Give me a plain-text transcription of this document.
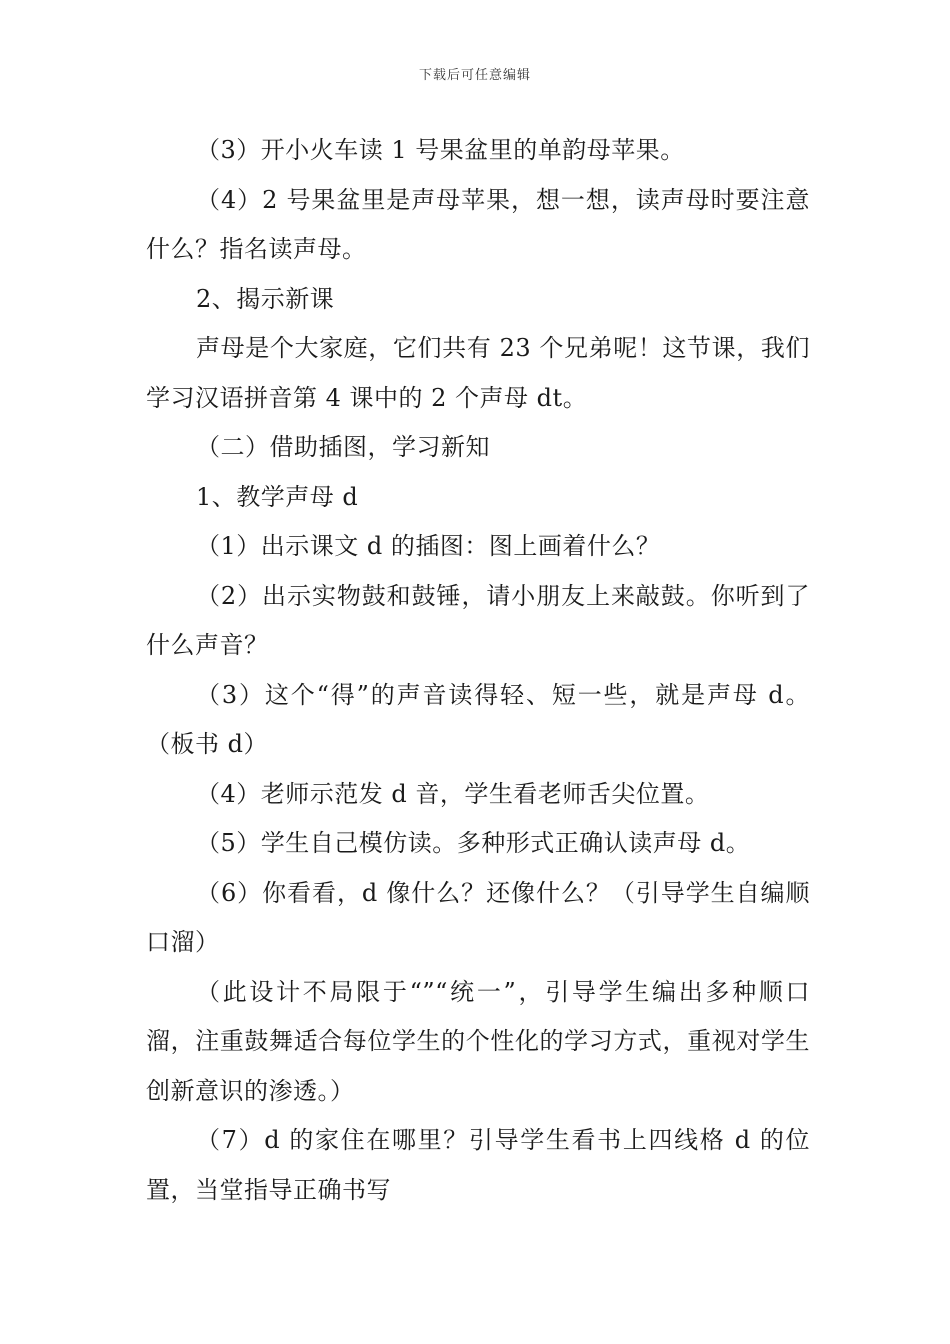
下载后可任意编辑

（3）开小火车读 1 号果盆里的单韵母苹果。

（4）2 号果盆里是声母苹果，想一想，读声母时要注意什么？指名读声母。

2、揭示新课

声母是个大家庭，它们共有 23 个兄弟呢！这节课，我们学习汉语拼音第 4 课中的 2 个声母 dt。

（二）借助插图，学习新知

1、教学声母 d

（1）出示课文 d 的插图：图上画着什么？

（2）出示实物鼓和鼓锤，请小朋友上来敲鼓。你听到了什么声音？

（3）这个“得”的声音读得轻、短一些，就是声母 d。（板书 d）

（4）老师示范发 d 音，学生看老师舌尖位置。

（5）学生自己模仿读。多种形式正确认读声母 d。

（6）你看看，d 像什么？还像什么？（引导学生自编顺口溜）

（此设计不局限于“”“统一”，引导学生编出多种顺口溜，注重鼓舞适合每位学生的个性化的学习方式，重视对学生创新意识的渗透。）

（7）d 的家住在哪里？引导学生看书上四线格 d 的位置，当堂指导正确书写
